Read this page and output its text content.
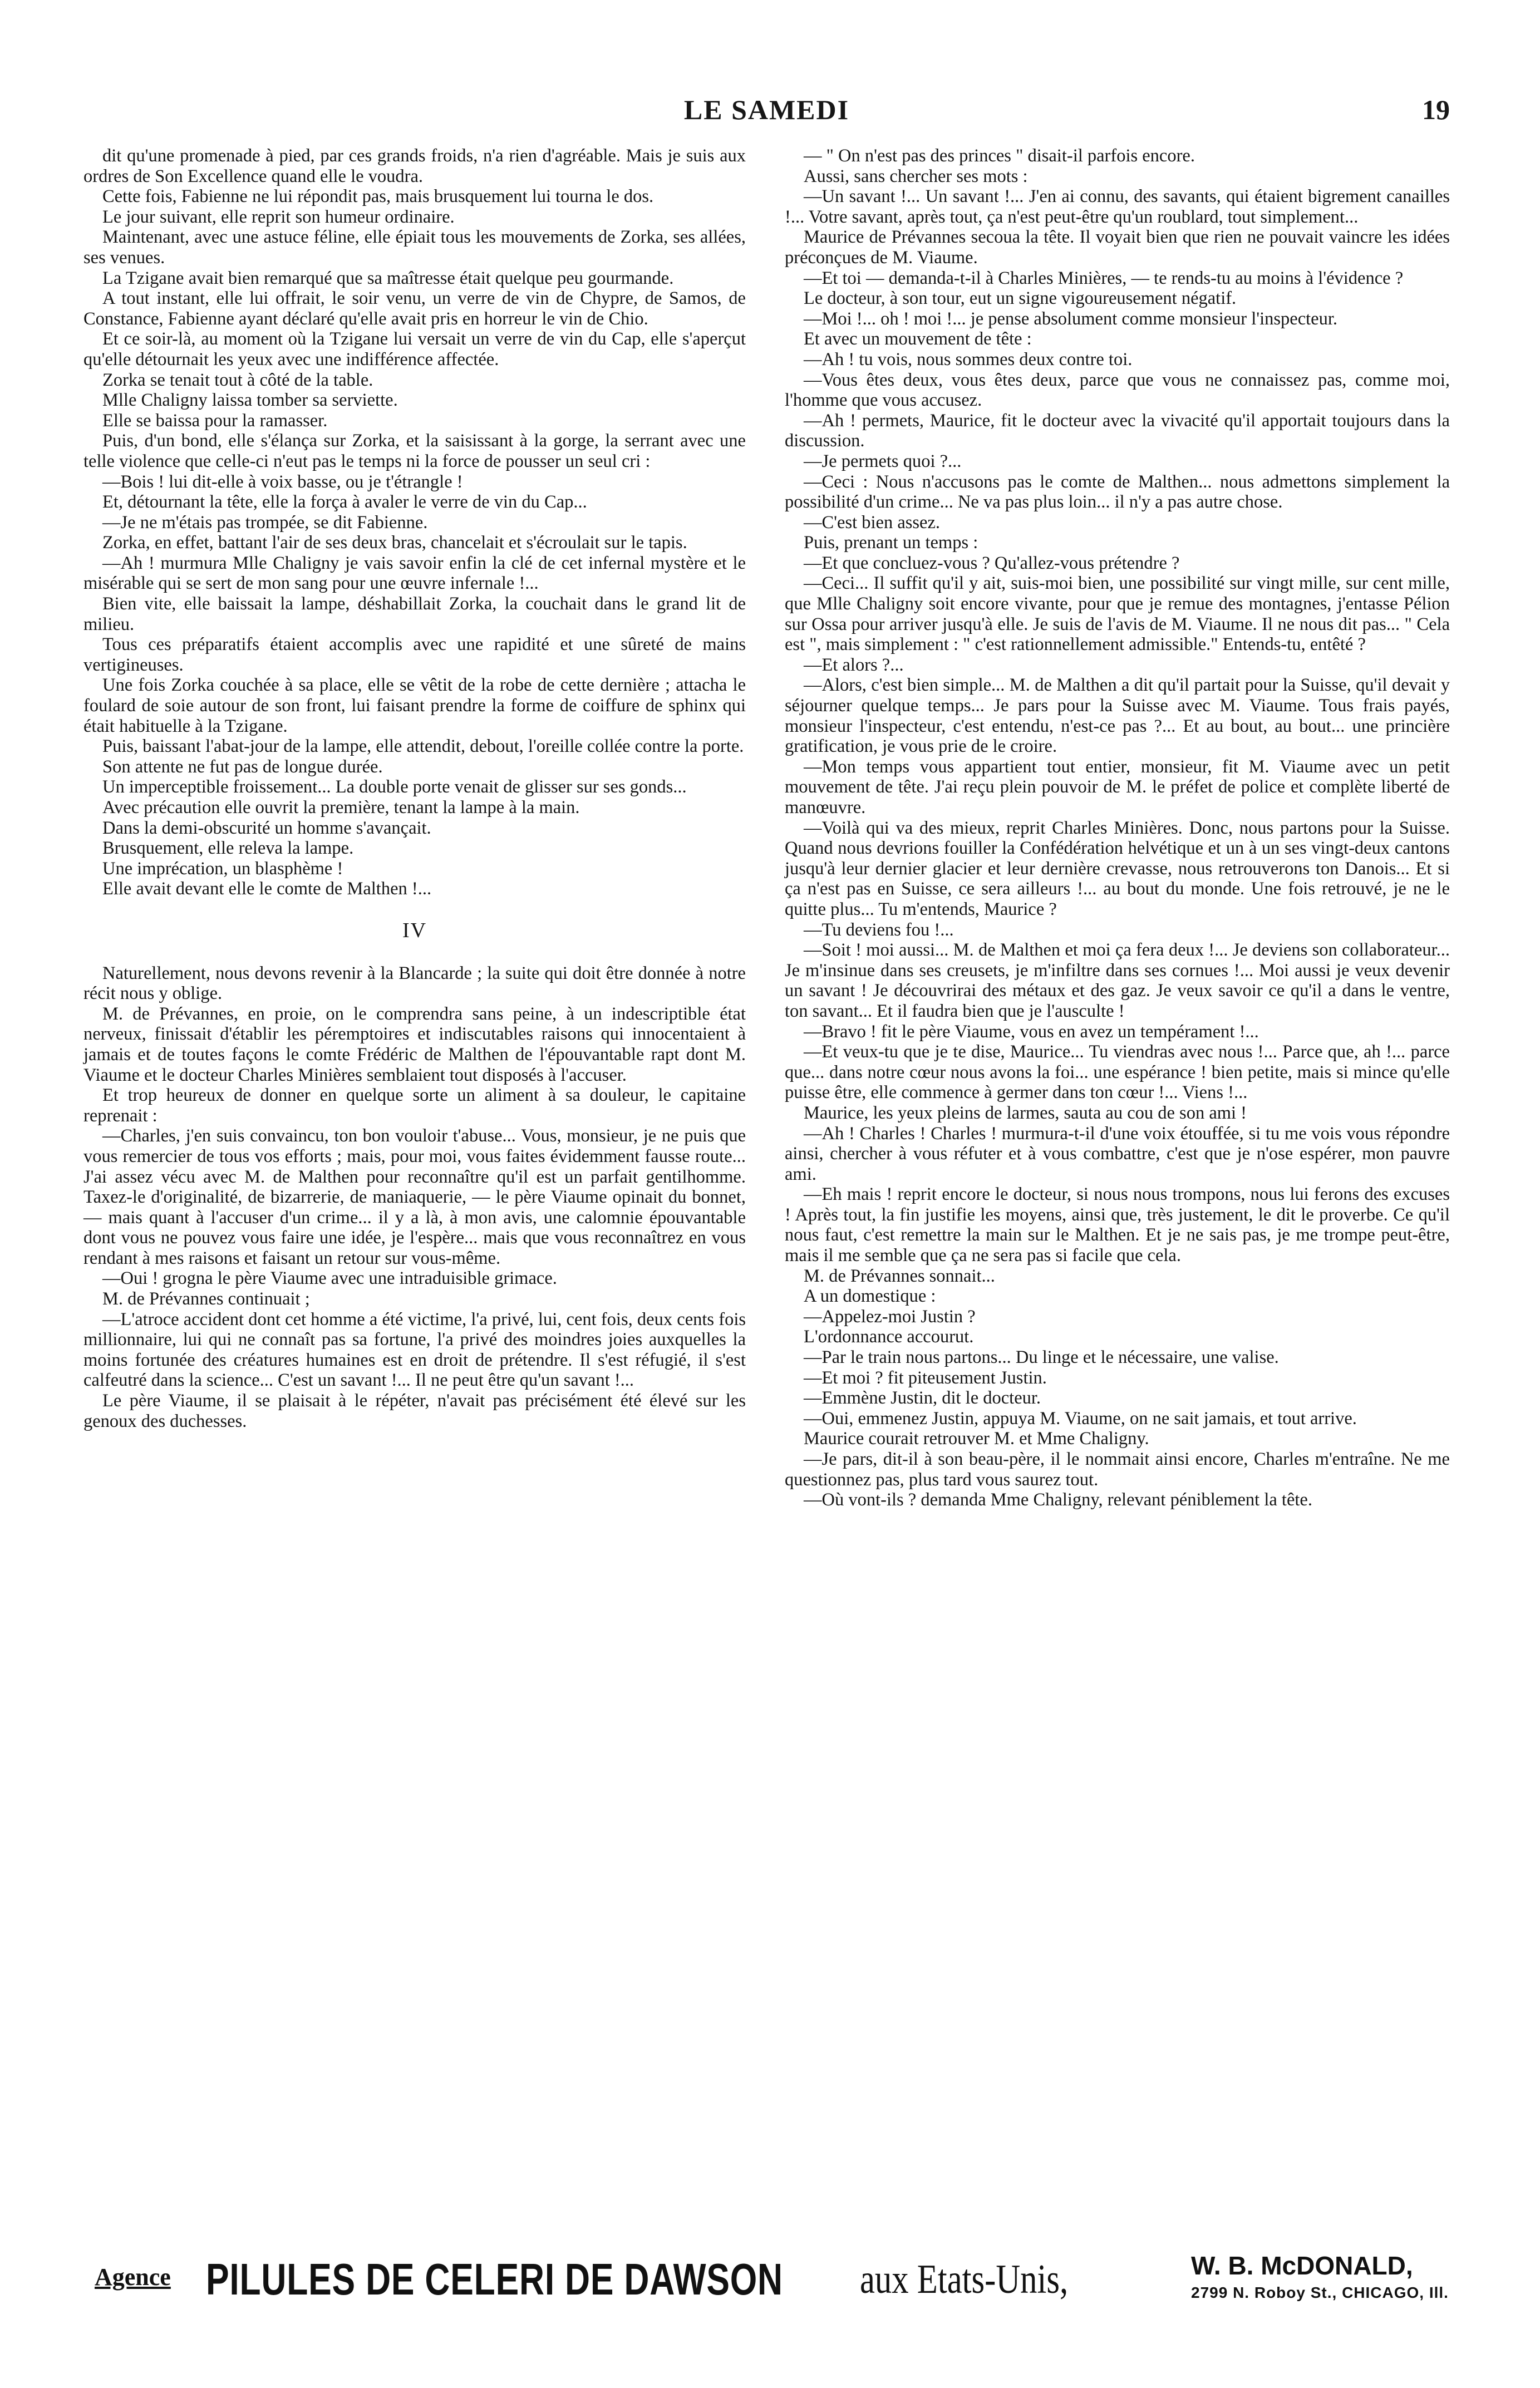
LE SAMEDI	19

dit qu'une promenade à pied, par ces grands froids, n'a rien d'agréable. Mais je suis aux ordres de Son Excellence quand elle le voudra.

Cette fois, Fabienne ne lui répondit pas, mais brusquement lui tourna le dos.

Le jour suivant, elle reprit son humeur ordinaire.

Maintenant, avec une astuce féline, elle épiait tous les mouvements de Zorka, ses allées, ses venues.

La Tzigane avait bien remarqué que sa maîtresse était quelque peu gourmande.

A tout instant, elle lui offrait, le soir venu, un verre de vin de Chypre, de Samos, de Constance, Fabienne ayant déclaré qu'elle avait pris en horreur le vin de Chio.

Et ce soir-là, au moment où la Tzigane lui versait un verre de vin du Cap, elle s'aperçut qu'elle détournait les yeux avec une indifférence affectée.

Zorka se tenait tout à côté de la table.

Mlle Chaligny laissa tomber sa serviette.

Elle se baissa pour la ramasser.

Puis, d'un bond, elle s'élança sur Zorka, et la saisissant à la gorge, la serrant avec une telle violence que celle-ci n'eut pas le temps ni la force de pousser un seul cri :

—Bois ! lui dit-elle à voix basse, ou je t'étrangle !

Et, détournant la tête, elle la força à avaler le verre de vin du Cap...

—Je ne m'étais pas trompée, se dit Fabienne.

Zorka, en effet, battant l'air de ses deux bras, chancelait et s'écroulait sur le tapis.

—Ah ! murmura Mlle Chaligny je vais savoir enfin la clé de cet infernal mystère et le misérable qui se sert de mon sang pour une œuvre infernale !...

Bien vite, elle baissait la lampe, déshabillait Zorka, la couchait dans le grand lit de milieu.

Tous ces préparatifs étaient accomplis avec une rapidité et une sûreté de mains vertigineuses.

Une fois Zorka couchée à sa place, elle se vêtit de la robe de cette dernière ; attacha le foulard de soie autour de son front, lui faisant prendre la forme de coiffure de sphinx qui était habituelle à la Tzigane.

Puis, baissant l'abat-jour de la lampe, elle attendit, debout, l'oreille collée contre la porte.

Son attente ne fut pas de longue durée.

Un imperceptible froissement... La double porte venait de glisser sur ses gonds...

Avec précaution elle ouvrit la première, tenant la lampe à la main.

Dans la demi-obscurité un homme s'avançait.

Brusquement, elle releva la lampe.

Une imprécation, un blasphème !

Elle avait devant elle le comte de Malthen !...

IV

Naturellement, nous devons revenir à la Blancarde ; la suite qui doit être donnée à notre récit nous y oblige.

M. de Prévannes, en proie, on le comprendra sans peine, à un indescriptible état nerveux, finissait d'établir les péremptoires et indiscutables raisons qui innocentaient à jamais et de toutes façons le comte Frédéric de Malthen de l'épouvantable rapt dont M. Viaume et le docteur Charles Minières semblaient tout disposés à l'accuser.

Et trop heureux de donner en quelque sorte un aliment à sa douleur, le capitaine reprenait :

—Charles, j'en suis convaincu, ton bon vouloir t'abuse... Vous, monsieur, je ne puis que vous remercier de tous vos efforts ; mais, pour moi, vous faites évidemment fausse route... J'ai assez vécu avec M. de Malthen pour reconnaître qu'il est un parfait gentilhomme. Taxez-le d'originalité, de bizarrerie, de maniaquerie, — le père Viaume opinait du bonnet, — mais quant à l'accuser d'un crime... il y a là, à mon avis, une calomnie épouvantable dont vous ne pouvez vous faire une idée, je l'espère... mais que vous reconnaîtrez en vous rendant à mes raisons et faisant un retour sur vous-même.

—Oui ! grogna le père Viaume avec une intraduisible grimace.

M. de Prévannes continuait ;

—L'atroce accident dont cet homme a été victime, l'a privé, lui, cent fois, deux cents fois millionnaire, lui qui ne connaît pas sa fortune, l'a privé des moindres joies auxquelles la moins fortunée des créatures humaines est en droit de prétendre. Il s'est réfugié, il s'est calfeutré dans la science... C'est un savant !... Il ne peut être qu'un savant !...

Le père Viaume, il se plaisait à le répéter, n'avait pas précisément été élevé sur les genoux des duchesses.

— " On n'est pas des princes " disait-il parfois encore.

Aussi, sans chercher ses mots :

—Un savant !... Un savant !... J'en ai connu, des savants, qui étaient bigrement canailles !... Votre savant, après tout, ça n'est peut-être qu'un roublard, tout simplement...

Maurice de Prévannes secoua la tête. Il voyait bien que rien ne pouvait vaincre les idées préconçues de M. Viaume.

—Et toi — demanda-t-il à Charles Minières, — te rends-tu au moins à l'évidence ?

Le docteur, à son tour, eut un signe vigoureusement négatif.

—Moi !... oh ! moi !... je pense absolument comme monsieur l'inspecteur.

Et avec un mouvement de tête :

—Ah ! tu vois, nous sommes deux contre toi.

—Vous êtes deux, vous êtes deux, parce que vous ne connaissez pas, comme moi, l'homme que vous accusez.

—Ah ! permets, Maurice, fit le docteur avec la vivacité qu'il apportait toujours dans la discussion.

—Je permets quoi ?...

—Ceci : Nous n'accusons pas le comte de Malthen... nous admettons simplement la possibilité d'un crime... Ne va pas plus loin... il n'y a pas autre chose.

—C'est bien assez.

Puis, prenant un temps :

—Et que concluez-vous ? Qu'allez-vous prétendre ?

—Ceci... Il suffit qu'il y ait, suis-moi bien, une possibilité sur vingt mille, sur cent mille, que Mlle Chaligny soit encore vivante, pour que je remue des montagnes, j'entasse Pélion sur Ossa pour arriver jusqu'à elle. Je suis de l'avis de M. Viaume. Il ne nous dit pas... " Cela est ", mais simplement : " c'est rationnellement admissible." Entends-tu, entêté ?

—Et alors ?...

—Alors, c'est bien simple... M. de Malthen a dit qu'il partait pour la Suisse, qu'il devait y séjourner quelque temps... Je pars pour la Suisse avec M. Viaume. Tous frais payés, monsieur l'inspecteur, c'est entendu, n'est-ce pas ?... Et au bout, au bout... une princière gratification, je vous prie de le croire.

—Mon temps vous appartient tout entier, monsieur, fit M. Viaume avec un petit mouvement de tête. J'ai reçu plein pouvoir de M. le préfet de police et complète liberté de manœuvre.

—Voilà qui va des mieux, reprit Charles Minières. Donc, nous partons pour la Suisse. Quand nous devrions fouiller la Confédération helvétique et un à un ses vingt-deux cantons jusqu'à leur dernier glacier et leur dernière crevasse, nous retrouverons ton Danois... Et si ça n'est pas en Suisse, ce sera ailleurs !... au bout du monde. Une fois retrouvé, je ne le quitte plus... Tu m'entends, Maurice ?

—Tu deviens fou !...

—Soit ! moi aussi... M. de Malthen et moi ça fera deux !... Je deviens son collaborateur... Je m'insinue dans ses creusets, je m'infiltre dans ses cornues !... Moi aussi je veux devenir un savant ! Je découvrirai des métaux et des gaz. Je veux savoir ce qu'il a dans le ventre, ton savant... Et il faudra bien que je l'ausculte !

—Bravo ! fit le père Viaume, vous en avez un tempérament !...

—Et veux-tu que je te dise, Maurice... Tu viendras avec nous !... Parce que, ah !... parce que... dans notre cœur nous avons la foi... une espérance ! bien petite, mais si mince qu'elle puisse être, elle commence à germer dans ton cœur !... Viens !...

Maurice, les yeux pleins de larmes, sauta au cou de son ami !

—Ah ! Charles ! Charles ! murmura-t-il d'une voix étouffée, si tu me vois vous répondre ainsi, chercher à vous réfuter et à vous combattre, c'est que je n'ose espérer, mon pauvre ami.

—Eh mais ! reprit encore le docteur, si nous nous trompons, nous lui ferons des excuses ! Après tout, la fin justifie les moyens, ainsi que, très justement, le dit le proverbe. Ce qu'il nous faut, c'est remettre la main sur le Malthen. Et je ne sais pas, je me trompe peut-être, mais il me semble que ça ne sera pas si facile que cela.

M. de Prévannes sonnait...

A un domestique :

—Appelez-moi Justin ?

L'ordonnance accourut.

—Par le train nous partons... Du linge et le nécessaire, une valise.

—Et moi ? fit piteusement Justin.

—Emmène Justin, dit le docteur.

—Oui, emmenez Justin, appuya M. Viaume, on ne sait jamais, et tout arrive.

Maurice courait retrouver M. et Mme Chaligny.

—Je pars, dit-il à son beau-père, il le nommait ainsi encore, Charles m'entraîne. Ne me questionnez pas, plus tard vous saurez tout.

—Où vont-ils ? demanda Mme Chaligny, relevant péniblement la tête.

Agence PILULES DE CELERI DE DAWSON aux Etats-Unis,	W. B. McDONALD,
2799 N. Roboy St., CHICAGO, Ill.
